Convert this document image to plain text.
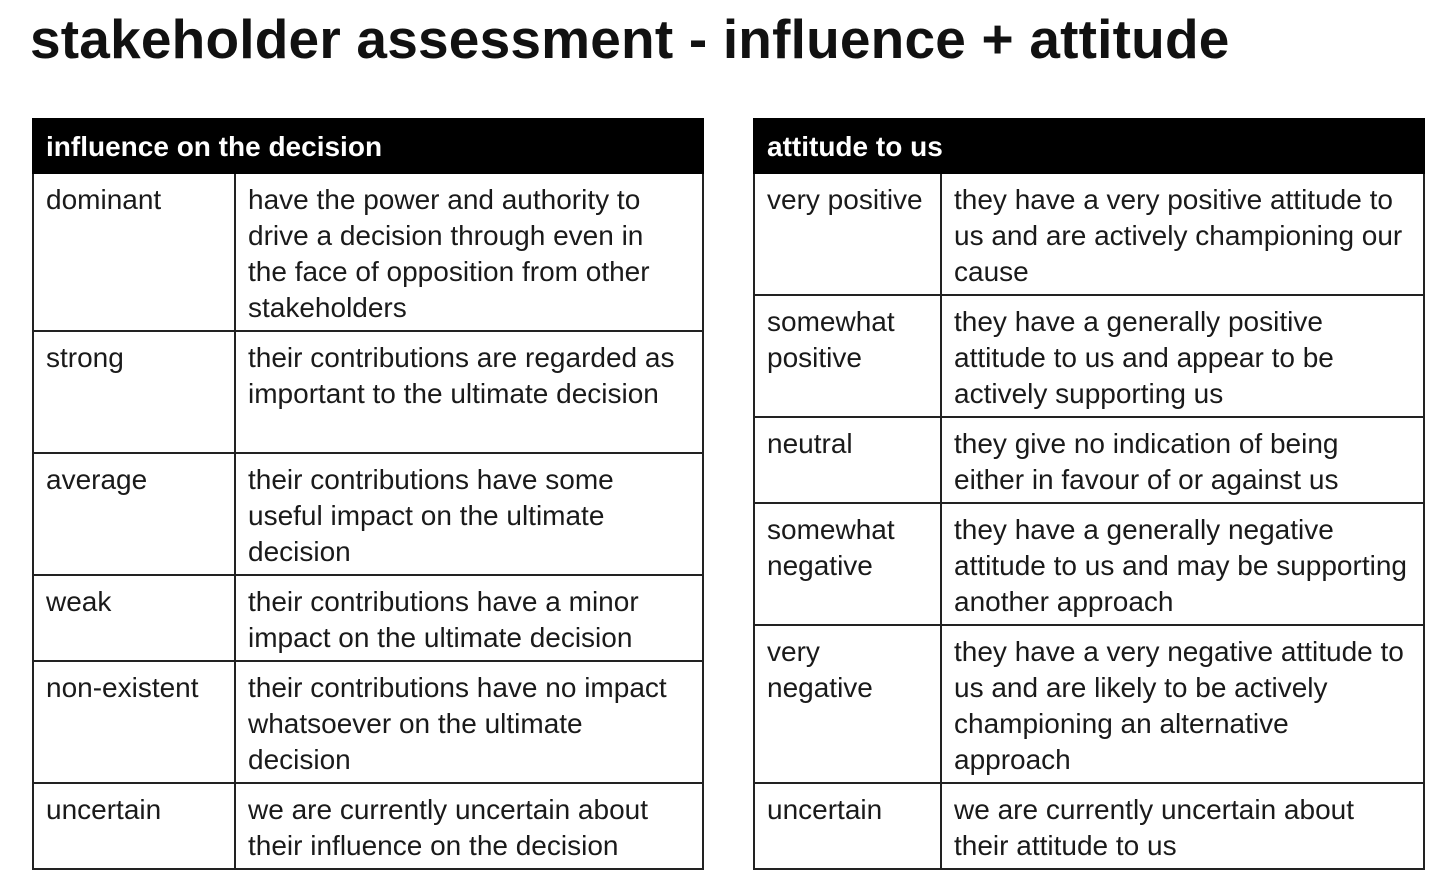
stakeholder assessment - influence + attitude
influence on the decision	
dominant	have the power and authority to drive a decision through even in the face of opposition from other stakeholders
strong	their contributions are regarded as important to the ultimate decision
average	their contributions have some useful impact on the ultimate decision
weak	their contributions have a minor impact on the ultimate decision
non-existent	their contributions have no impact whatsoever on the ultimate decision
uncertain	we are currently uncertain about their influence on the decision
attitude to us	
very positive	they have a very positive attitude to us and are actively championing our cause
somewhat positive	they have a generally positive attitude to us and appear to be actively supporting us
neutral	they give no indication of being either in favour of or against us
somewhat negative	they have a generally negative attitude to us and may be supporting another approach
very negative	they have a very negative attitude to us and are likely to be actively championing an alternative approach
uncertain	we are currently uncertain about their attitude to us
